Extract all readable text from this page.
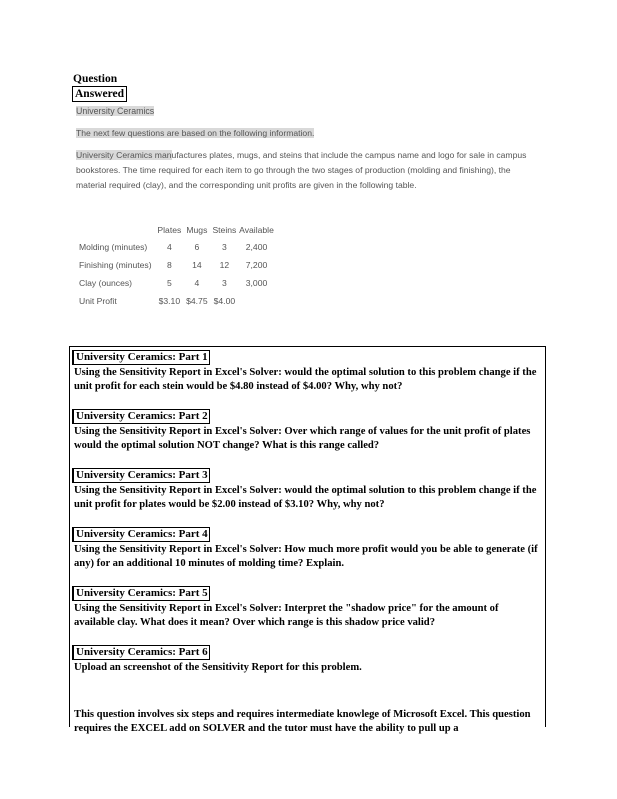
Question
Answered
University Ceramics
The next few questions are based on the following information.
University Ceramics manufactures plates, mugs, and steins that include the campus name and logo for sale in campus bookstores. The time required for each item to go through the two stages of production (molding and finishing), the material required (clay), and the corresponding unit profits are given in the following table.
	Plates	Mugs	Steins	Available
Molding (minutes)	4	6	3	2,400
Finishing (minutes)	8	14	12	7,200
Clay (ounces)	5	4	3	3,000
Unit Profit	$3.10	$4.75	$4.00	
University Ceramics: Part 1
Using the Sensitivity Report in Excel's Solver: would the optimal solution to this problem change if the unit profit for each stein would be $4.80 instead of $4.00? Why, why not?
University Ceramics: Part 2
Using the Sensitivity Report in Excel's Solver: Over which range of values for the unit profit of plates would the optimal solution NOT change? What is this range called?
University Ceramics: Part 3
Using the Sensitivity Report in Excel's Solver: would the optimal solution to this problem change if the unit profit for plates would be $2.00 instead of $3.10? Why, why not?
University Ceramics: Part 4
Using the Sensitivity Report in Excel's Solver: How much more profit would you be able to generate (if any) for an additional 10 minutes of molding time? Explain.
University Ceramics: Part 5
Using the Sensitivity Report in Excel's Solver: Interpret the "shadow price" for the amount of available clay. What does it mean? Over which range is this shadow price valid?
University Ceramics: Part 6
Upload an screenshot of the Sensitivity Report for this problem.
This question involves six steps and requires intermediate knowlege of Microsoft Excel. This question requires the EXCEL add on SOLVER and the tutor must have the ability to pull up a
